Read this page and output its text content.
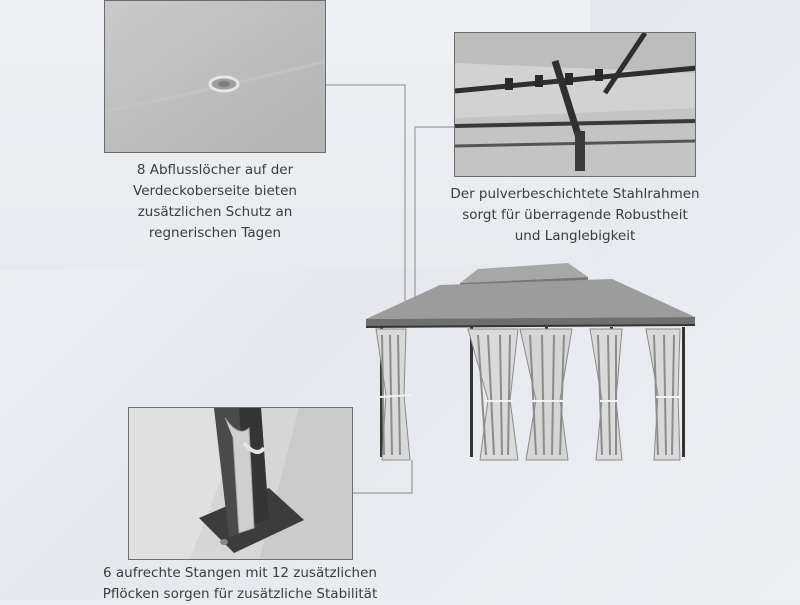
8 Abflusslöcher auf der
Verdeckoberseite bieten
zusätzlichen Schutz an
regnerischen Tagen
Der pulverbeschichtete Stahlrahmen
sorgt für überragende Robustheit
und Langlebigkeit
6 aufrechte Stangen mit 12 zusätzlichen
Pflöcken sorgen für zusätzliche Stabilität
